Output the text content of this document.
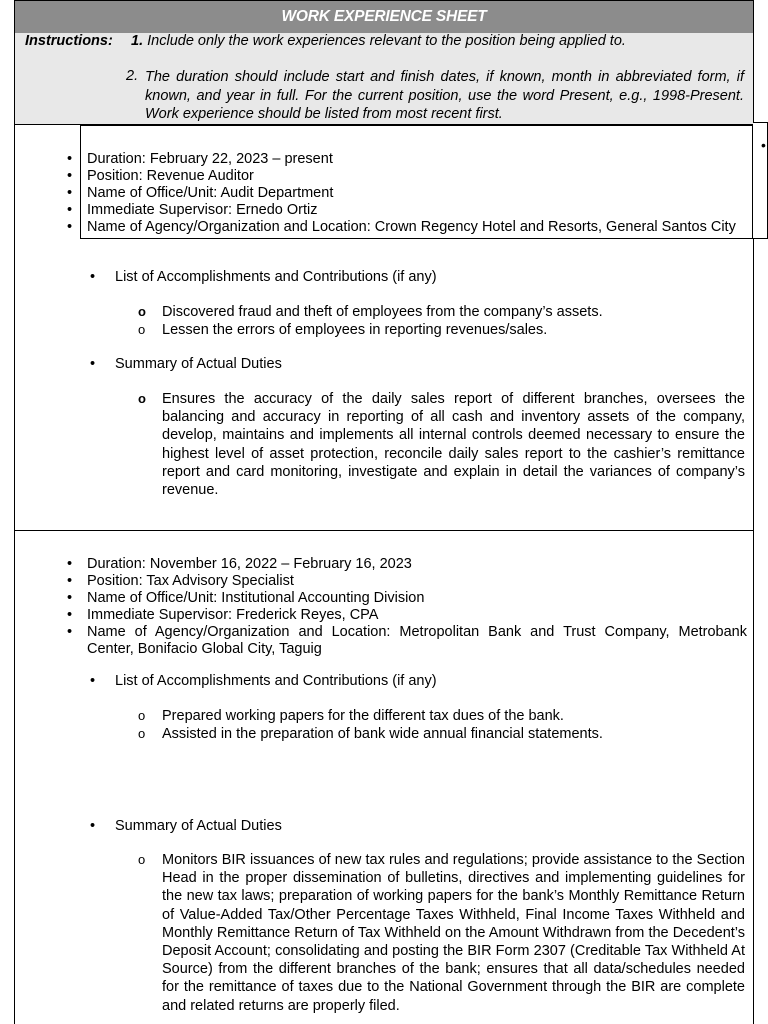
WORK EXPERIENCE SHEET
Instructions: 1. Include only the work experiences relevant to the position being applied to.
2. The duration should include start and finish dates, if known, month in abbreviated form, if known, and year in full. For the current position, use the word Present, e.g., 1998-Present. Work experience should be listed from most recent first.
• Duration: February 22, 2023 – present
• Position: Revenue Auditor
• Name of Office/Unit: Audit Department
• Immediate Supervisor: Ernedo Ortiz
• Name of Agency/Organization and Location: Crown Regency Hotel and Resorts, General Santos City
• List of Accomplishments and Contributions (if any)
o Discovered fraud and theft of employees from the company’s assets.
o Lessen the errors of employees in reporting revenues/sales.
• Summary of Actual Duties
o Ensures the accuracy of the daily sales report of different branches, oversees the balancing and accuracy in reporting of all cash and inventory assets of the company, develop, maintains and implements all internal controls deemed necessary to ensure the highest level of asset protection, reconcile daily sales report to the cashier’s remittance report and card monitoring, investigate and explain in detail the variances of company’s revenue.
• Duration: November 16, 2022 – February 16, 2023
• Position: Tax Advisory Specialist
• Name of Office/Unit: Institutional Accounting Division
• Immediate Supervisor: Frederick Reyes, CPA
• Name of Agency/Organization and Location: Metropolitan Bank and Trust Company, Metrobank Center, Bonifacio Global City, Taguig
• List of Accomplishments and Contributions (if any)
o Prepared working papers for the different tax dues of the bank.
o Assisted in the preparation of bank wide annual financial statements.
• Summary of Actual Duties
o Monitors BIR issuances of new tax rules and regulations; provide assistance to the Section Head in the proper dissemination of bulletins, directives and implementing guidelines for the new tax laws; preparation of working papers for the bank’s Monthly Remittance Return of Value-Added Tax/Other Percentage Taxes Withheld, Final Income Taxes Withheld and Monthly Remittance Return of Tax Withheld on the Amount Withdrawn from the Decedent’s Deposit Account; consolidating and posting the BIR Form 2307 (Creditable Tax Withheld At Source) from the different branches of the bank; ensures that all data/schedules needed for the remittance of taxes due to the National Government through the BIR are complete and related returns are properly filed.
•
